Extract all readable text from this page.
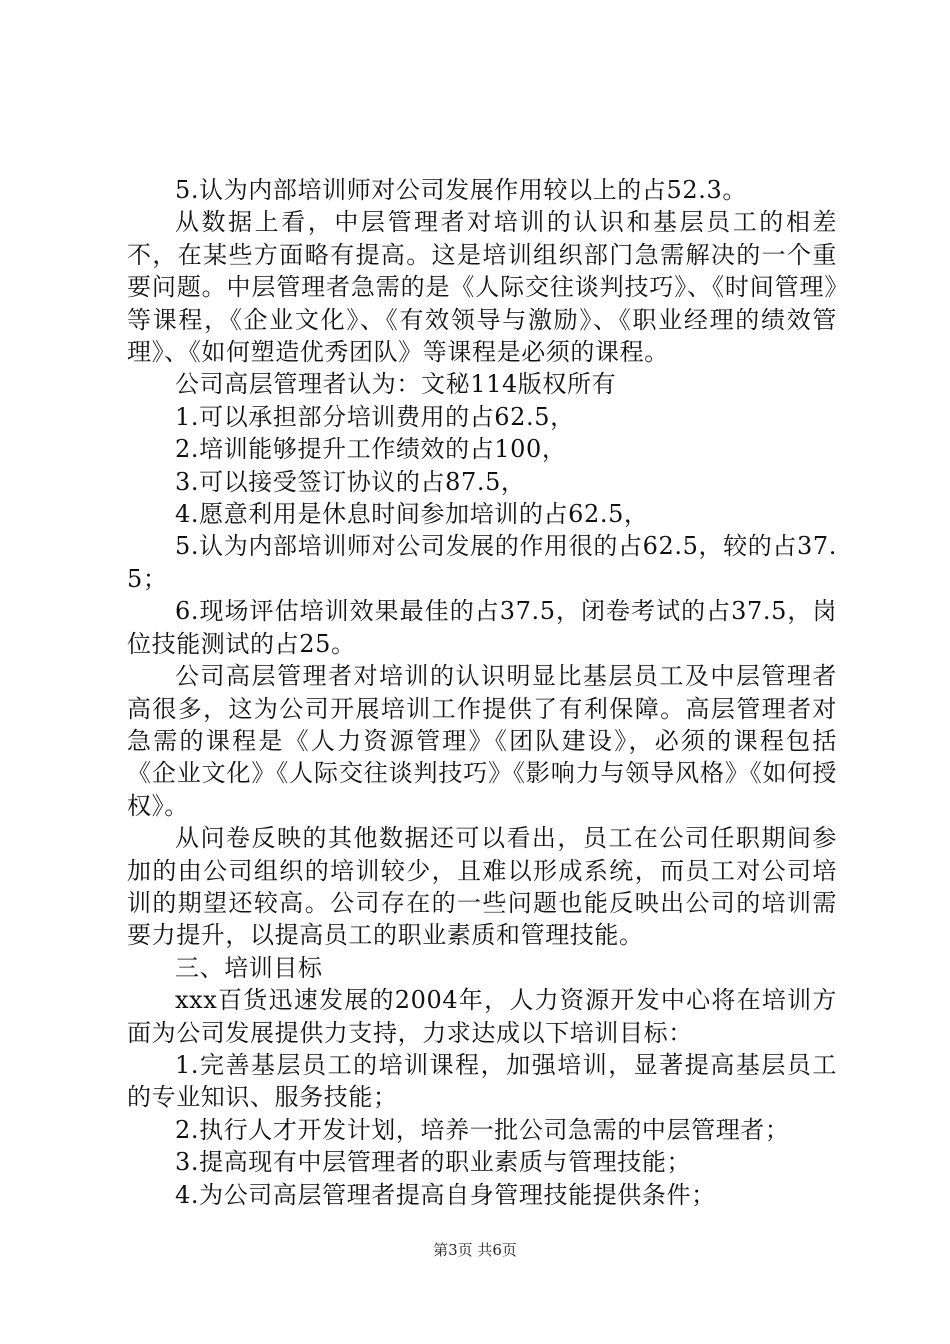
5.认为内部培训师对公司发展作用较以上的占52.3。

从数据上看，中层管理者对培训的认识和基层员工的相差不，在某些方面略有提高。这是培训组织部门急需解决的一个重要问题。中层管理者急需的是《人际交往谈判技巧》、《时间管理》等课程，《企业文化》、《有效领导与激励》、《职业经理的绩效管理》、《如何塑造优秀团队》等课程是必须的课程。

公司高层管理者认为：文秘114版权所有

1.可以承担部分培训费用的占62.5，

2.培训能够提升工作绩效的占100，

3.可以接受签订协议的占87.5，

4.愿意利用是休息时间参加培训的占62.5，

5.认为内部培训师对公司发展的作用很的占62.5，较的占37.5；

6.现场评估培训效果最佳的占37.5，闭卷考试的占37.5，岗位技能测试的占25。

公司高层管理者对培训的认识明显比基层员工及中层管理者高很多，这为公司开展培训工作提供了有利保障。高层管理者对急需的课程是《人力资源管理》《团队建设》，必须的课程包括《企业文化》《人际交往谈判技巧》《影响力与领导风格》《如何授权》。

从问卷反映的其他数据还可以看出，员工在公司任职期间参加的由公司组织的培训较少，且难以形成系统，而员工对公司培训的期望还较高。公司存在的一些问题也能反映出公司的培训需要力提升，以提高员工的职业素质和管理技能。

三、培训目标

xxx百货迅速发展的2004年，人力资源开发中心将在培训方面为公司发展提供力支持，力求达成以下培训目标：

1.完善基层员工的培训课程，加强培训，显著提高基层员工的专业知识、服务技能；

2.执行人才开发计划，培养一批公司急需的中层管理者；

3.提高现有中层管理者的职业素质与管理技能；

4.为公司高层管理者提高自身管理技能提供条件；

第3页 共6页
